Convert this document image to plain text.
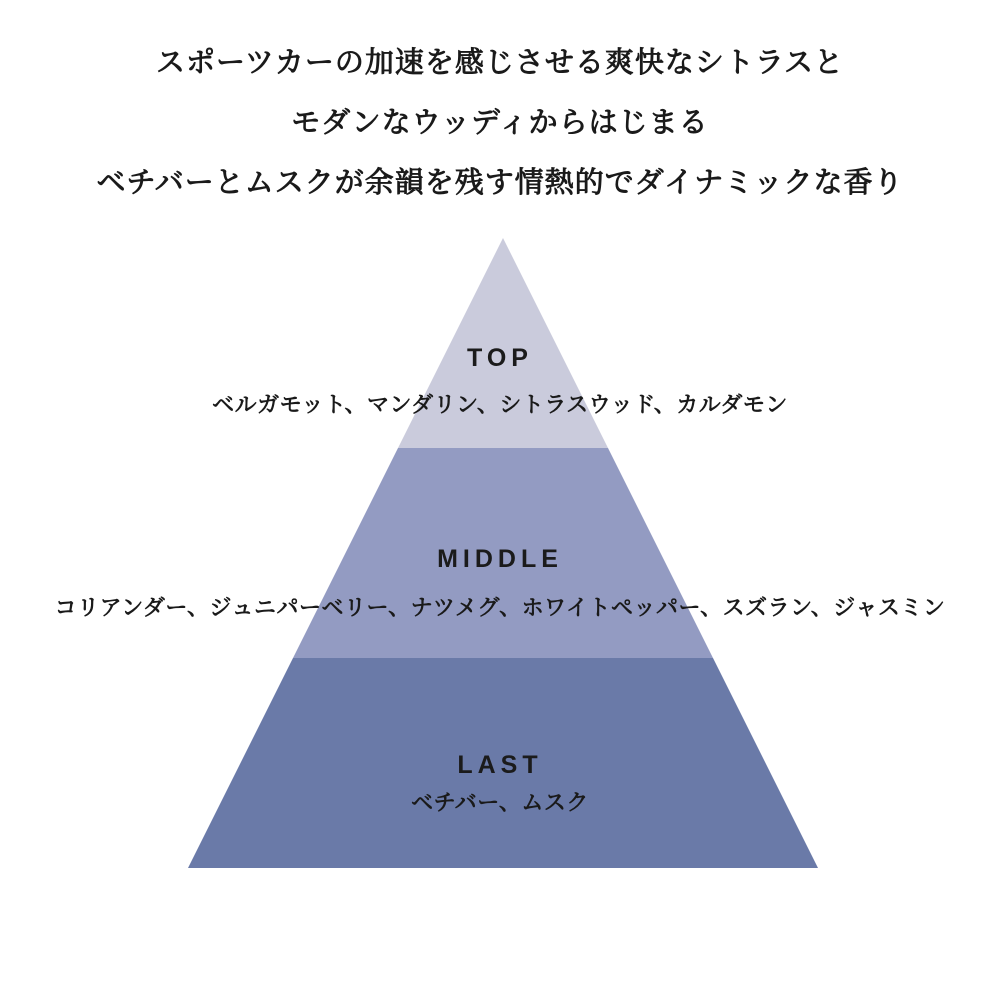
スポーツカーの加速を感じさせる爽快なシトラスと
モダンなウッディからはじまる
ベチバーとムスクが余韻を残す情熱的でダイナミックな香り
TOP
ベルガモット、マンダリン、シトラスウッド、カルダモン
MIDDLE
コリアンダー、ジュニパーベリー、ナツメグ、ホワイトペッパー、スズラン、ジャスミン
LAST
ベチバー、ムスク
